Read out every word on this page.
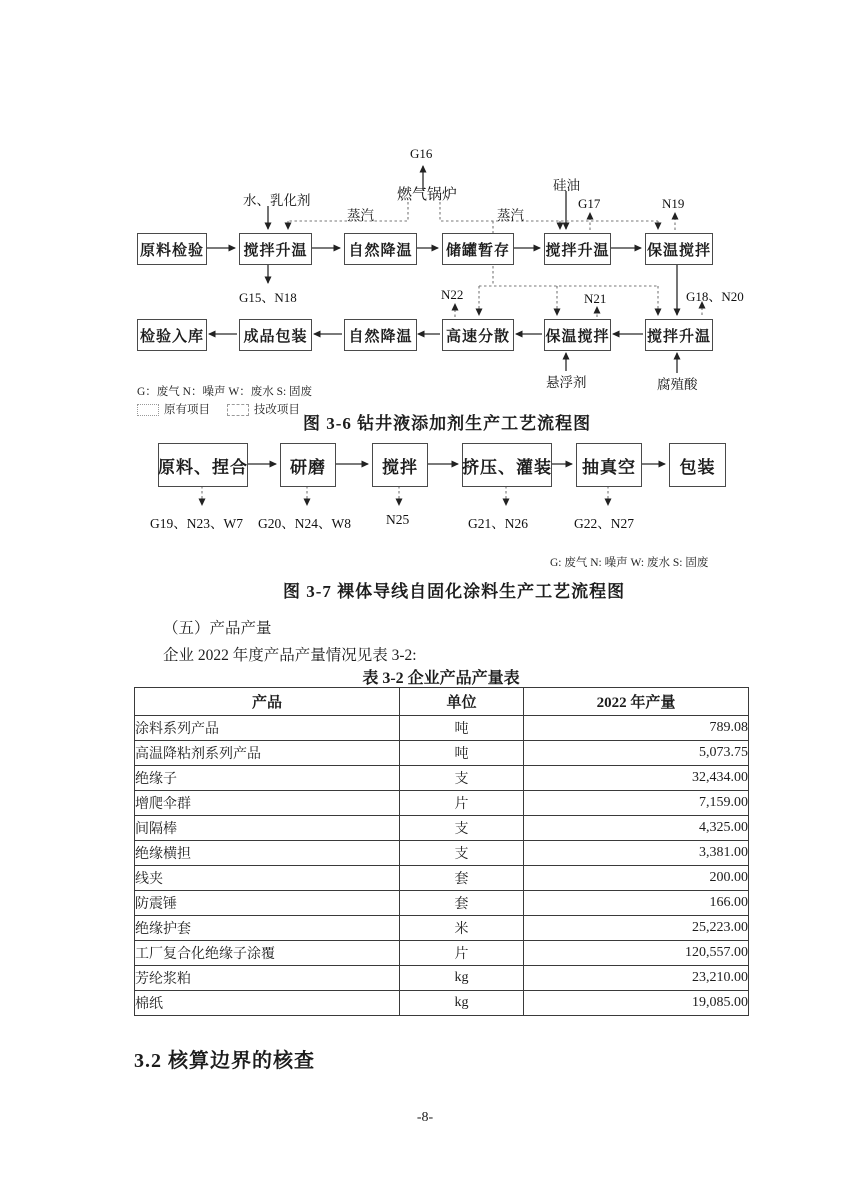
原料检验	搅拌升温	自然降温	储罐暂存 搅拌升温 保温搅拌
检验入库	成品包装	自然降温	高速分散 保温搅拌 搅拌升温
G16
燃气锅炉
水、乳化剂
蒸汽	蒸汽
硅油
G17	N19
G15、N18	N22	N21	G18、N20
悬浮剂	腐殖酸
G：废气 N：噪声 W：废水 S: 固废
原有项目	技改项目
图 3-6 钻井液添加剂生产工艺流程图
原料、捏合	研磨	搅拌	挤压、灌装	抽真空	包装
G19、N23、W7 G20、N24、W8	N25	G21、N26	G22、N27
G: 废气 N: 噪声 W: 废水 S: 固废
图 3-7 裸体导线自固化涂料生产工艺流程图
（五）产品产量
企业 2022 年度产品产量情况见表 3-2:
表 3-2 企业产品产量表
产品	单位	2022 年产量
涂料系列产品	吨	789.08
高温降粘剂系列产品	吨	5,073.75
绝缘子	支	32,434.00
增爬伞群	片	7,159.00
间隔棒	支	4,325.00
绝缘横担	支	3,381.00
线夹	套	200.00
防震锤	套	166.00
绝缘护套	米	25,223.00
工厂复合化绝缘子涂覆	片	120,557.00
芳纶浆粕	kg	23,210.00
棉纸	kg	19,085.00
3.2 核算边界的核查
-8-
